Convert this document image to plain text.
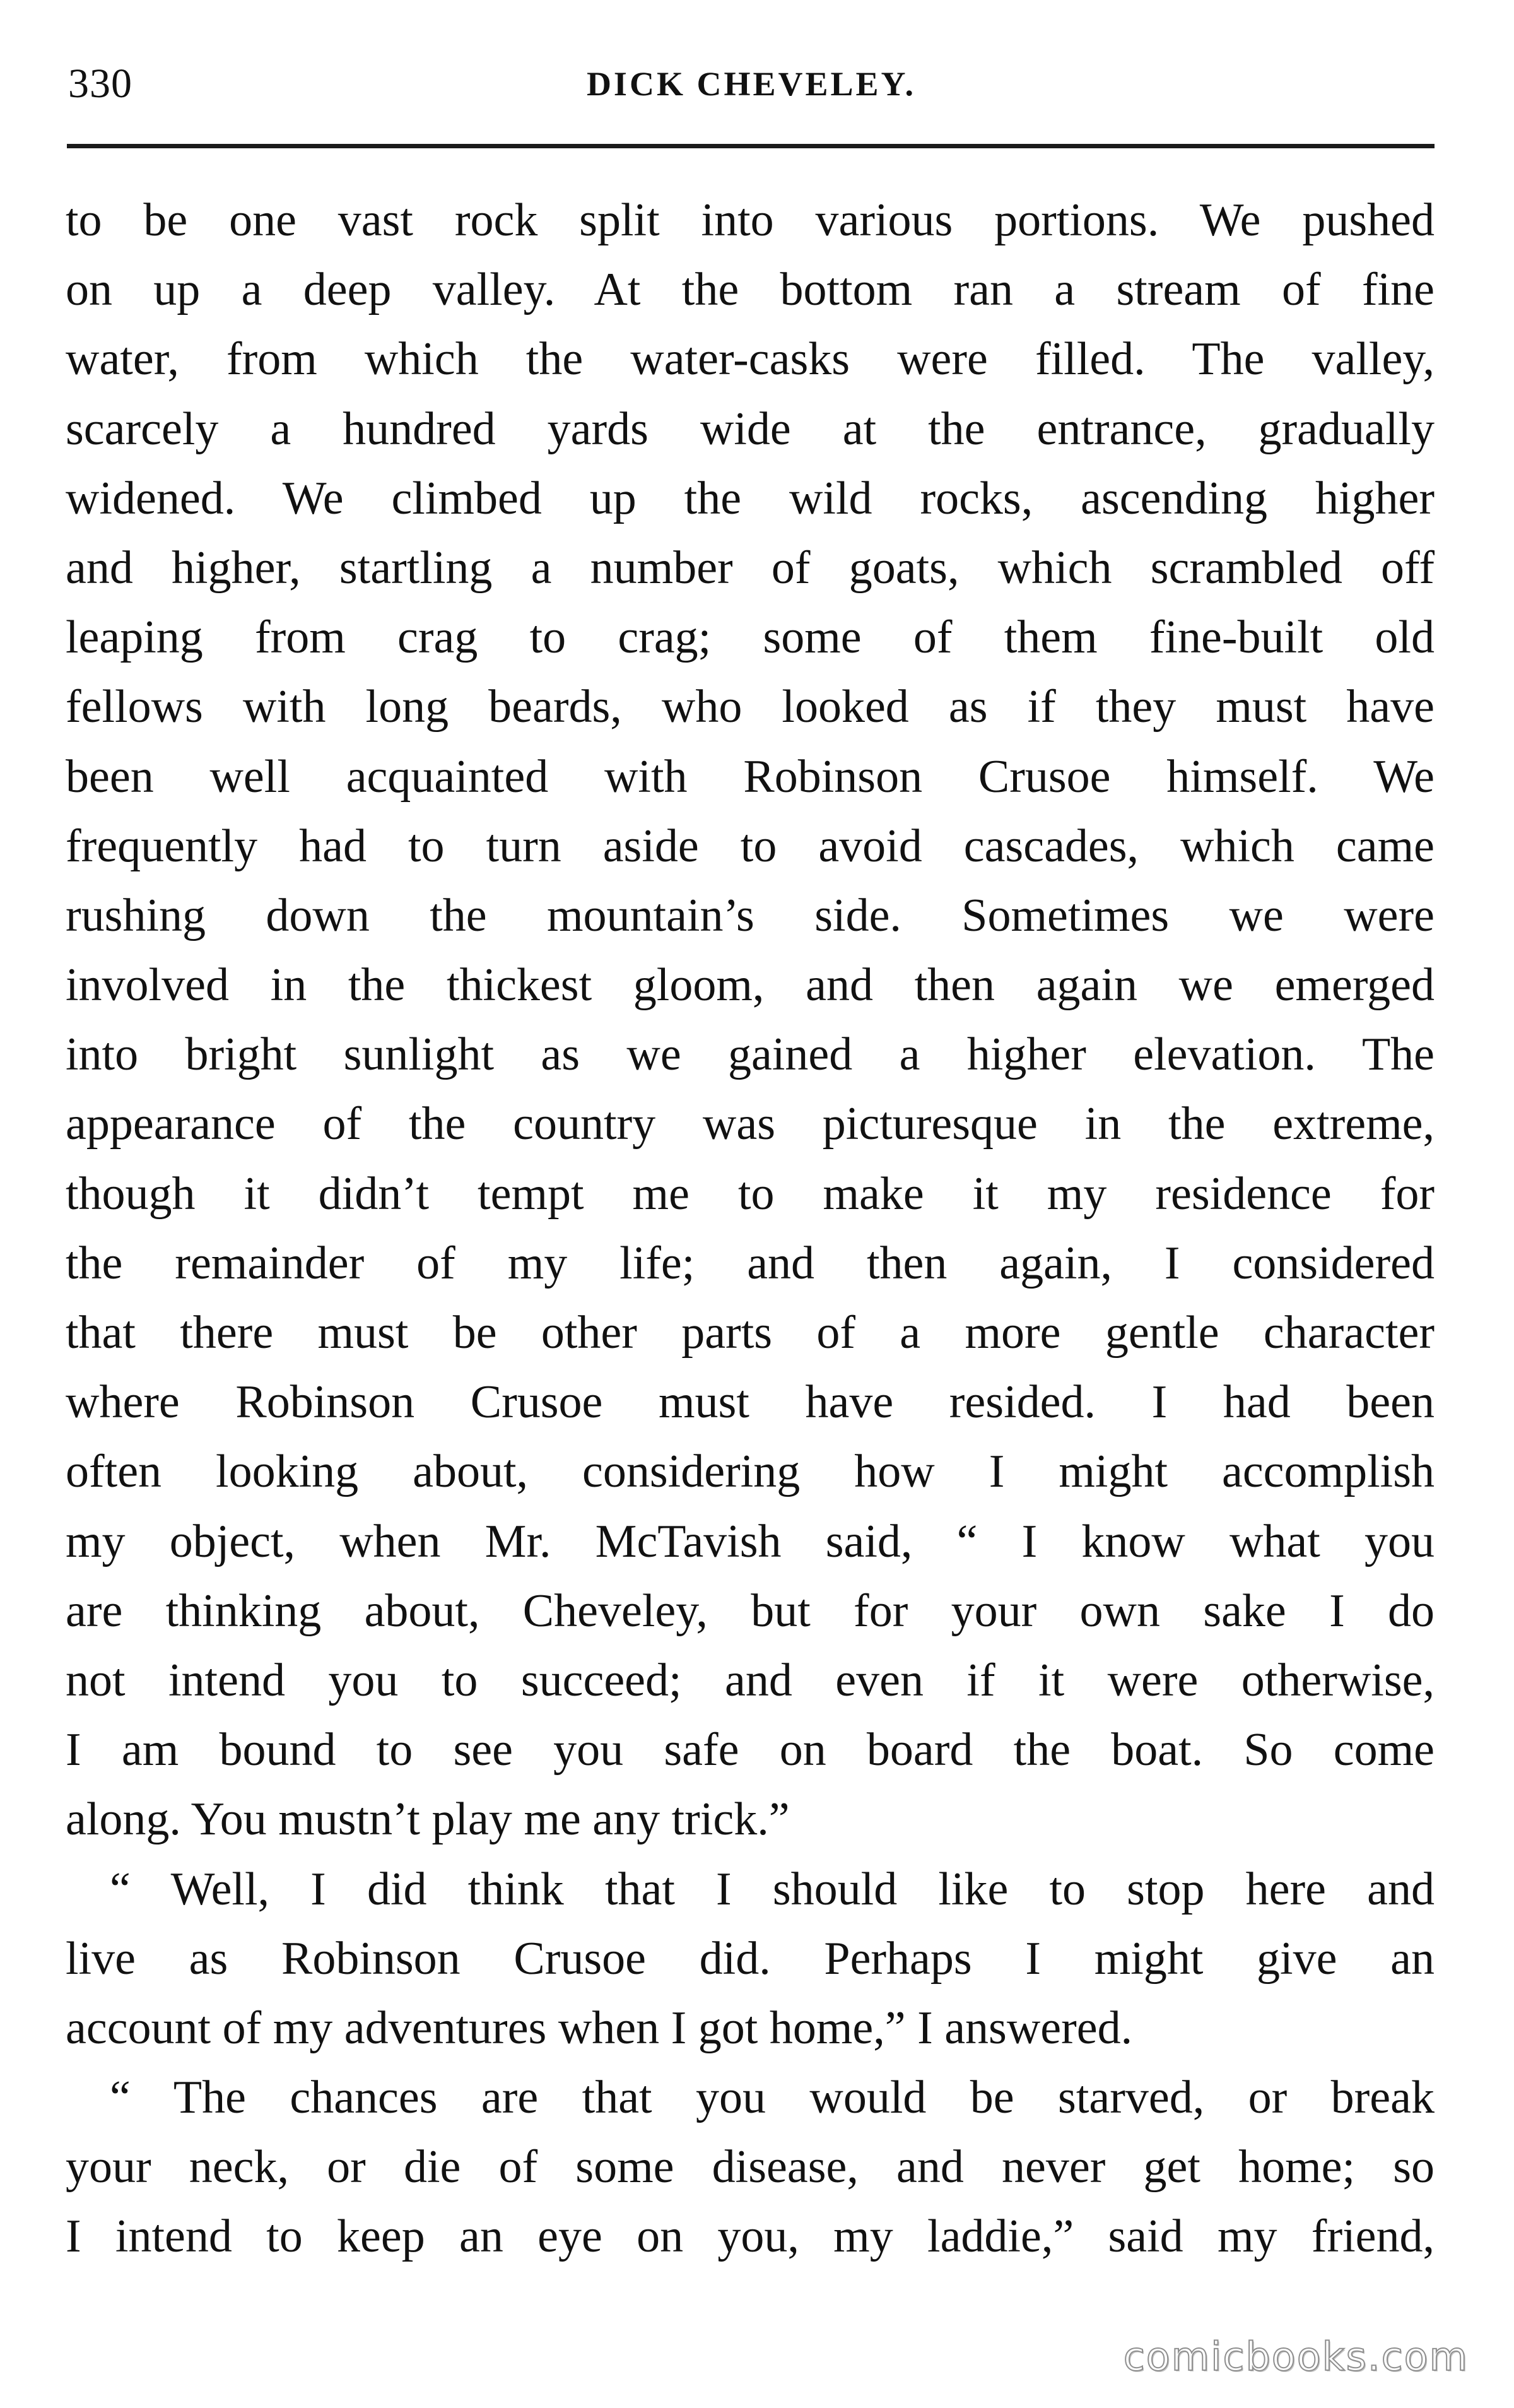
330	DICK CHEVELEY.
to be one vast rock split into various portions. We pushed
on up a deep valley. At the bottom ran a stream of fine
water, from which the water-casks were filled. The valley,
scarcely a hundred yards wide at the entrance, gradually
widened. We climbed up the wild rocks, ascending higher
and higher, startling a number of goats, which scrambled off
leaping from crag to crag; some of them fine-built old
fellows with long beards, who looked as if they must have
been well acquainted with Robinson Crusoe himself. We
frequently had to turn aside to avoid cascades, which came
rushing down the mountain’s side. Sometimes we were
involved in the thickest gloom, and then again we emerged
into bright sunlight as we gained a higher elevation. The
appearance of the country was picturesque in the extreme,
though it didn’t tempt me to make it my residence for
the remainder of my life; and then again, I considered
that there must be other parts of a more gentle character
where Robinson Crusoe must have resided. I had been
often looking about, considering how I might accomplish
my object, when Mr. McTavish said, “ I know what you
are thinking about, Cheveley, but for your own sake I do
not intend you to succeed; and even if it were otherwise,
I am bound to see you safe on board the boat. So come
along. You mustn’t play me any trick.”
“ Well, I did think that I should like to stop here and
live as Robinson Crusoe did. Perhaps I might give an
account of my adventures when I got home,” I answered.
“ The chances are that you would be starved, or break
your neck, or die of some disease, and never get home; so
I intend to keep an eye on you, my laddie,” said my friend,
comicbooks.com
